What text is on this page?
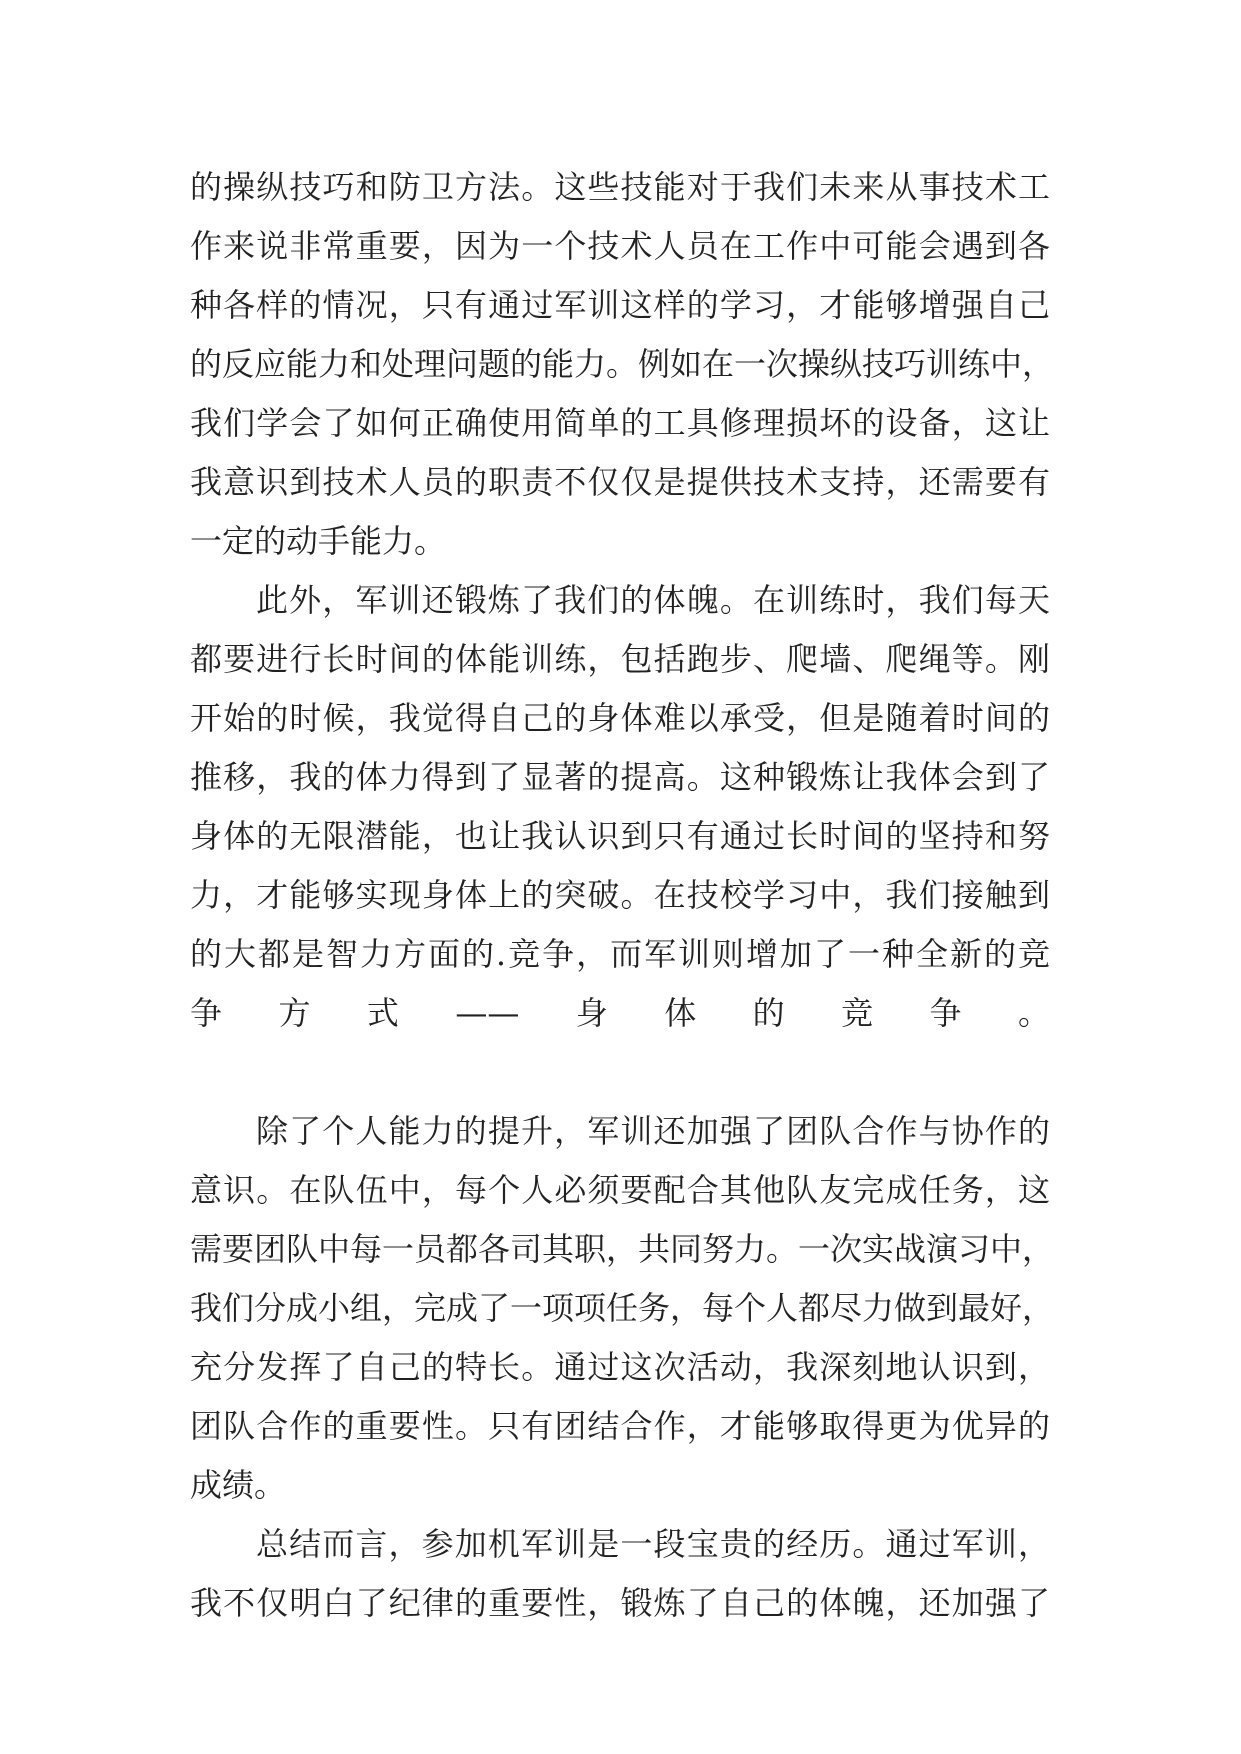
的操纵技巧和防卫方法。这些技能对于我们未来从事技术工
作来说非常重要，因为一个技术人员在工作中可能会遇到各
种各样的情况，只有通过军训这样的学习，才能够增强自己
的反应能力和处理问题的能力。例如在一次操纵技巧训练中，
我们学会了如何正确使用简单的工具修理损坏的设备，这让
我意识到技术人员的职责不仅仅是提供技术支持，还需要有
一定的动手能力。
此外，军训还锻炼了我们的体魄。在训练时，我们每天
都要进行长时间的体能训练，包括跑步、爬墙、爬绳等。刚
开始的时候，我觉得自己的身体难以承受，但是随着时间的
推移，我的体力得到了显著的提高。这种锻炼让我体会到了
身体的无限潜能，也让我认识到只有通过长时间的坚持和努
力，才能够实现身体上的突破。在技校学习中，我们接触到
的大都是智力方面的.竞争，而军训则增加了一种全新的竞
争方式——身体的竞争。
除了个人能力的提升，军训还加强了团队合作与协作的
意识。在队伍中，每个人必须要配合其他队友完成任务，这
需要团队中每一员都各司其职，共同努力。一次实战演习中，
我们分成小组，完成了一项项任务，每个人都尽力做到最好，
充分发挥了自己的特长。通过这次活动，我深刻地认识到，
团队合作的重要性。只有团结合作，才能够取得更为优异的
成绩。
总结而言，参加机军训是一段宝贵的经历。通过军训，
我不仅明白了纪律的重要性，锻炼了自己的体魄，还加强了
